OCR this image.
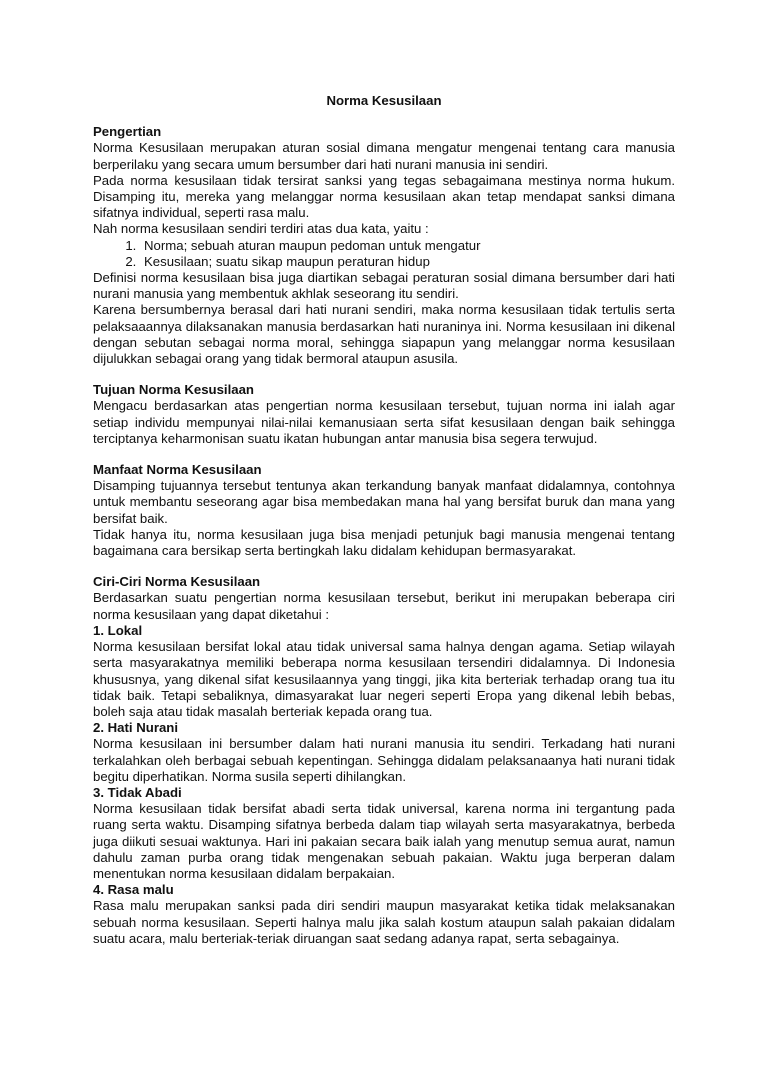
Norma Kesusilaan
Pengertian

Norma Kesusilaan merupakan aturan sosial dimana mengatur mengenai tentang cara manusia berperilaku yang secara umum bersumber dari hati nurani manusia ini sendiri.

Pada norma kesusilaan tidak tersirat sanksi yang tegas sebagaimana mestinya norma hukum. Disamping itu, mereka yang melanggar norma kesusilaan akan tetap mendapat sanksi dimana sifatnya individual, seperti rasa malu.

Nah norma kesusilaan sendiri terdiri atas dua kata, yaitu :

1. Norma; sebuah aturan maupun pedoman untuk mengatur
2. Kesusilaan; suatu sikap maupun peraturan hidup

Definisi norma kesusilaan bisa juga diartikan sebagai peraturan sosial dimana bersumber dari hati nurani manusia yang membentuk akhlak seseorang itu sendiri.

Karena bersumbernya berasal dari hati nurani sendiri, maka norma kesusilaan tidak tertulis serta pelaksaaannya dilaksanakan manusia berdasarkan hati nuraninya ini. Norma kesusilaan ini dikenal dengan sebutan sebagai norma moral, sehingga siapapun yang melanggar norma kesusilaan dijulukkan sebagai orang yang tidak bermoral ataupun asusila.

Tujuan Norma Kesusilaan

Mengacu berdasarkan atas pengertian norma kesusilaan tersebut, tujuan norma ini ialah agar setiap individu mempunyai nilai-nilai kemanusiaan serta sifat kesusilaan dengan baik sehingga terciptanya keharmonisan suatu ikatan hubungan antar manusia bisa segera terwujud.

Manfaat Norma Kesusilaan

Disamping tujuannya tersebut tentunya akan terkandung banyak manfaat didalamnya, contohnya untuk membantu seseorang agar bisa membedakan mana hal yang bersifat buruk dan mana yang bersifat baik.

Tidak hanya itu, norma kesusilaan juga bisa menjadi petunjuk bagi manusia mengenai tentang bagaimana cara bersikap serta bertingkah laku didalam kehidupan bermasyarakat.

Ciri-Ciri Norma Kesusilaan

Berdasarkan suatu pengertian norma kesusilaan tersebut, berikut ini merupakan beberapa ciri norma kesusilaan yang dapat diketahui :

1. Lokal

Norma kesusilaan bersifat lokal atau tidak universal sama halnya dengan agama. Setiap wilayah serta masyarakatnya memiliki beberapa norma kesusilaan tersendiri didalamnya. Di Indonesia khususnya, yang dikenal sifat kesusilaannya yang tinggi, jika kita berteriak terhadap orang tua itu tidak baik. Tetapi sebaliknya, dimasyarakat luar negeri seperti Eropa yang dikenal lebih bebas, boleh saja atau tidak masalah berteriak kepada orang tua.

2. Hati Nurani

Norma kesusilaan ini bersumber dalam hati nurani manusia itu sendiri. Terkadang hati nurani terkalahkan oleh berbagai sebuah kepentingan. Sehingga didalam pelaksanaanya hati nurani tidak begitu diperhatikan. Norma susila seperti dihilangkan.

3. Tidak Abadi

Norma kesusilaan tidak bersifat abadi serta tidak universal, karena norma ini tergantung pada ruang serta waktu. Disamping sifatnya berbeda dalam tiap wilayah serta masyarakatnya, berbeda juga diikuti sesuai waktunya. Hari ini pakaian secara baik ialah yang menutup semua aurat, namun dahulu zaman purba orang tidak mengenakan sebuah pakaian. Waktu juga berperan dalam menentukan norma kesusilaan didalam berpakaian.

4. Rasa malu

Rasa malu merupakan sanksi pada diri sendiri maupun masyarakat ketika tidak melaksanakan sebuah norma kesusilaan. Seperti halnya malu jika salah kostum ataupun salah pakaian didalam suatu acara, malu berteriak-teriak diruangan saat sedang adanya rapat, serta sebagainya.
